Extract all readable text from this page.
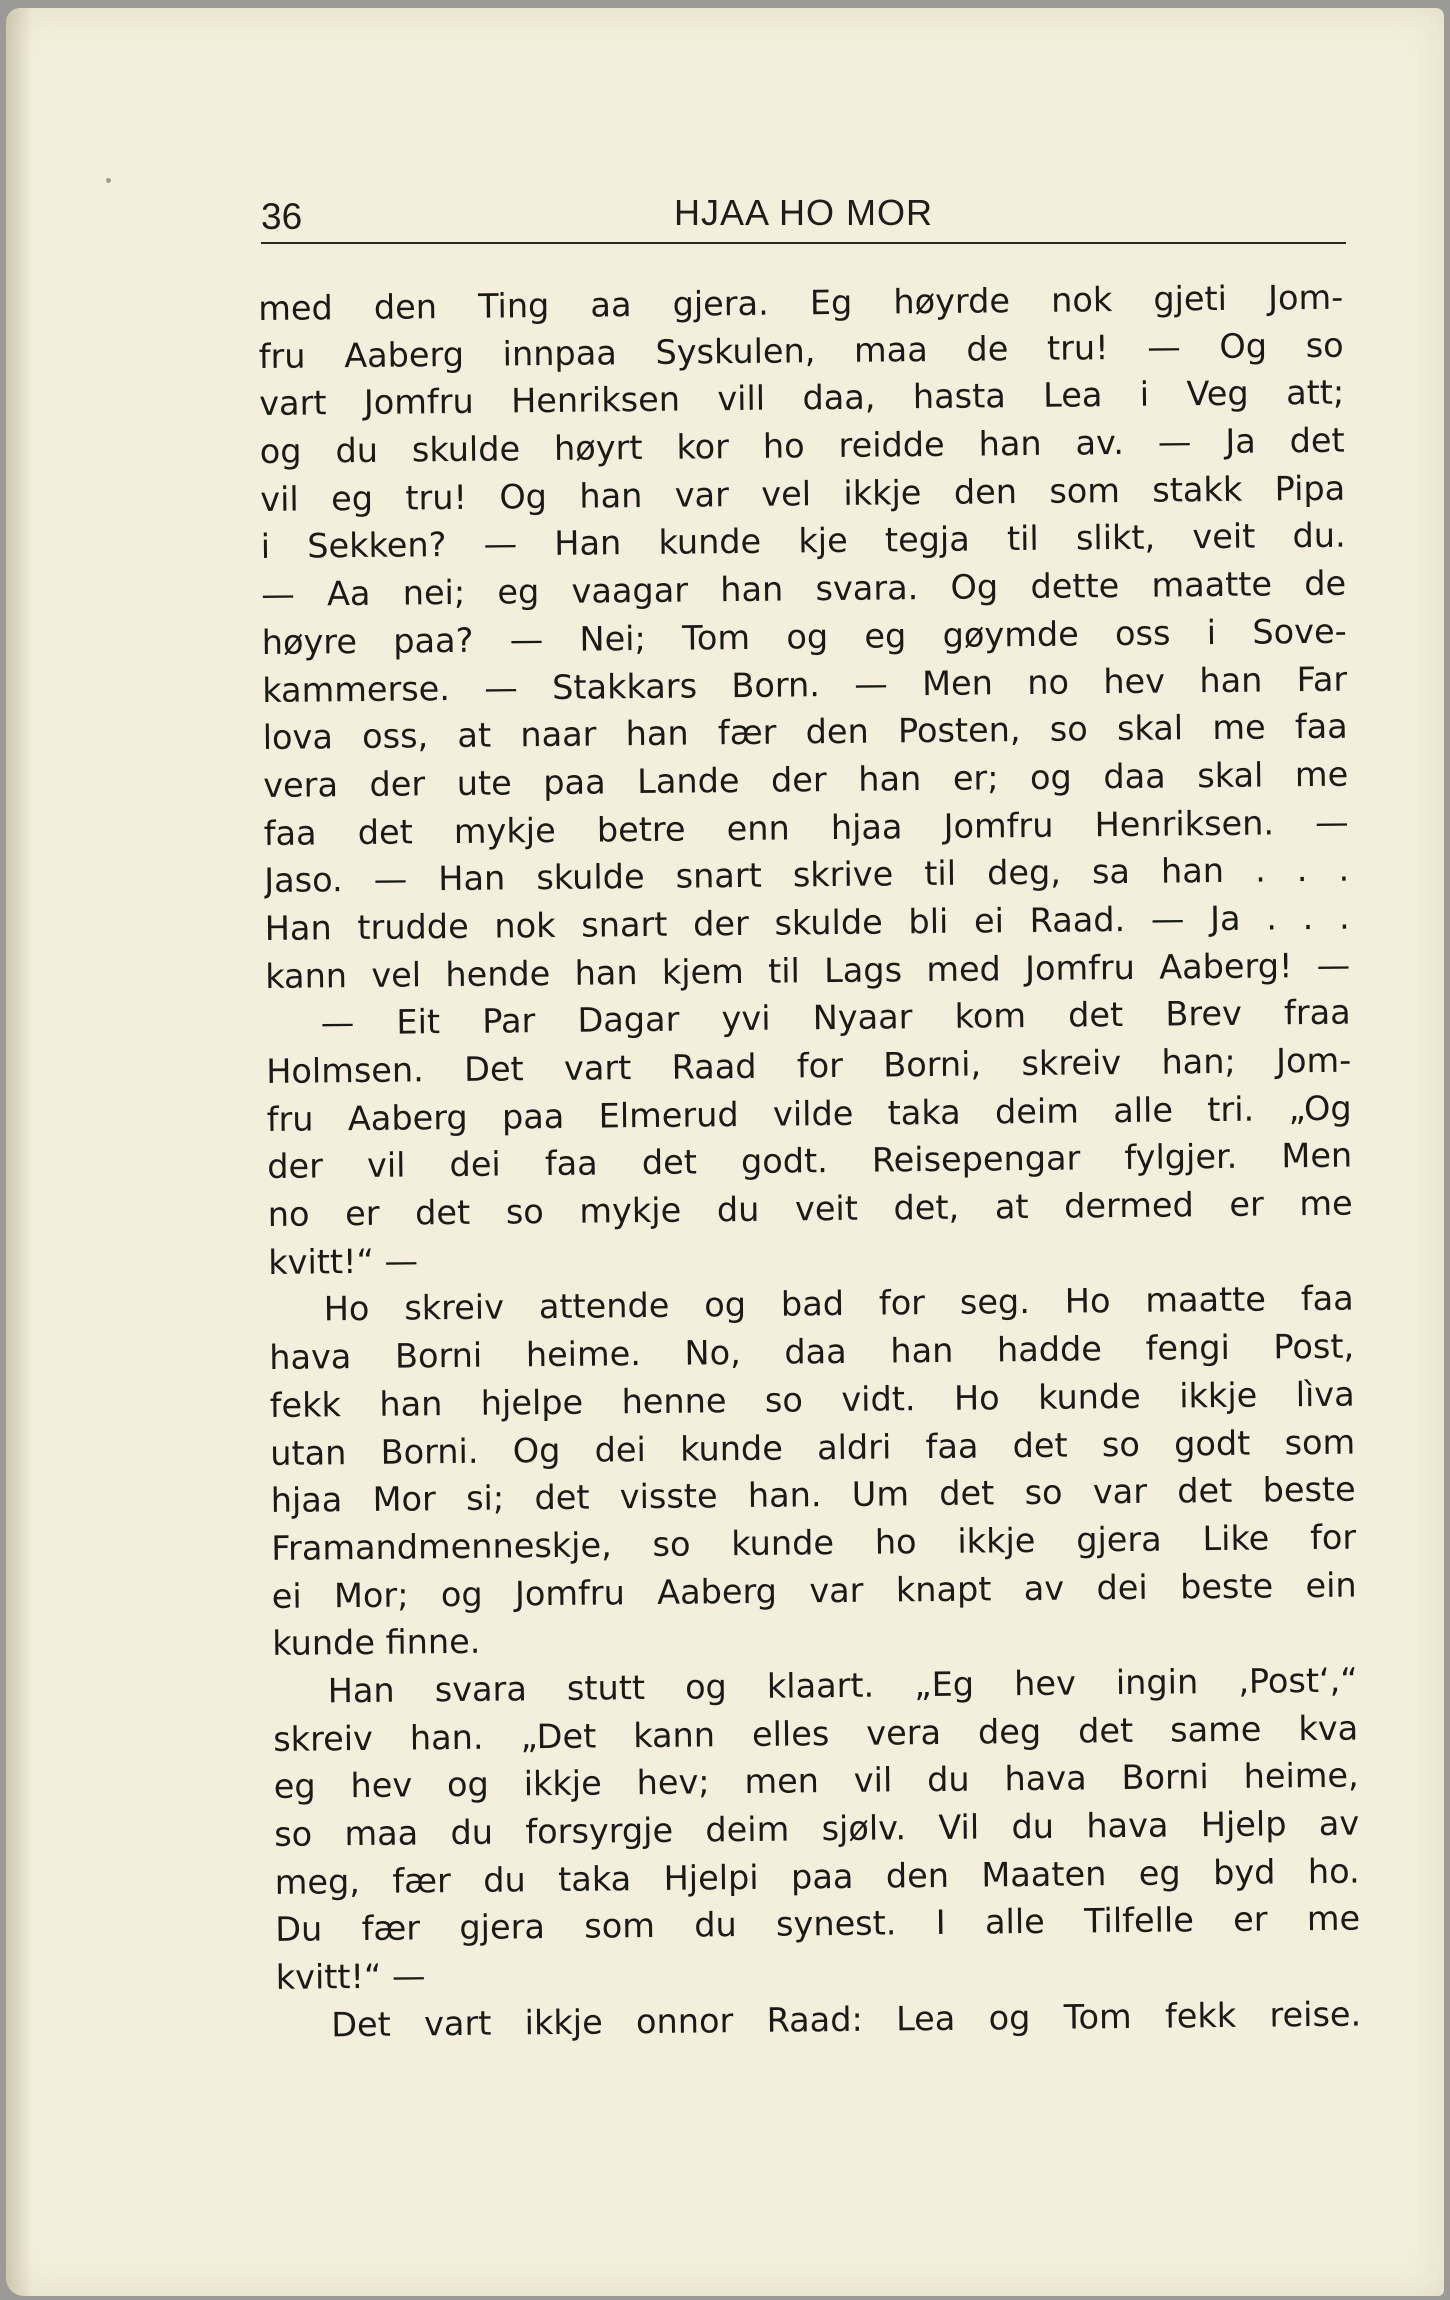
36	HJAA HO MOR
med den Ting aa gjera. Eg høyrde nok gjeti Jom-
fru Aaberg innpaa Syskulen, maa de tru! — Og so
vart Jomfru Henriksen vill daa, hasta Lea i Veg att;
og du skulde høyrt kor ho reidde han av. — Ja det
vil eg tru! Og han var vel ikkje den som stakk Pipa
i Sekken? — Han kunde kje tegja til slikt, veit du.
— Aa nei; eg vaagar han svara. Og dette maatte de
høyre paa? — Nei; Tom og eg gøymde oss i Sove-
kammerse. — Stakkars Born. — Men no hev han Far
lova oss, at naar han fær den Posten, so skal me faa
vera der ute paa Lande der han er; og daa skal me
faa det mykje betre enn hjaa Jomfru Henriksen. —
Jaso. — Han skulde snart skrive til deg, sa han . . .
Han trudde nok snart der skulde bli ei Raad. — Ja . . .
kann vel hende han kjem til Lags med Jomfru Aaberg! —
— Eit Par Dagar yvi Nyaar kom det Brev fraa
Holmsen. Det vart Raad for Borni, skreiv han; Jom-
fru Aaberg paa Elmerud vilde taka deim alle tri. „Og
der vil dei faa det godt. Reisepengar fylgjer. Men
no er det so mykje du veit det, at dermed er me
kvitt!“ —
Ho skreiv attende og bad for seg. Ho maatte faa
hava Borni heime. No, daa han hadde fengi Post,
fekk han hjelpe henne so vidt. Ho kunde ikkje lìva
utan Borni. Og dei kunde aldri faa det so godt som
hjaa Mor si; det visste han. Um det so var det beste
Framandmenneskje, so kunde ho ikkje gjera Like for
ei Mor; og Jomfru Aaberg var knapt av dei beste ein
kunde finne.
Han svara stutt og klaart. „Eg hev ingin ‚Post‘,“
skreiv han. „Det kann elles vera deg det same kva
eg hev og ikkje hev; men vil du hava Borni heime,
so maa du forsyrgje deim sjølv. Vil du hava Hjelp av
meg, fær du taka Hjelpi paa den Maaten eg byd ho.
Du fær gjera som du synest. I alle Tilfelle er me
kvitt!“ —
Det vart ikkje onnor Raad: Lea og Tom fekk reise.
